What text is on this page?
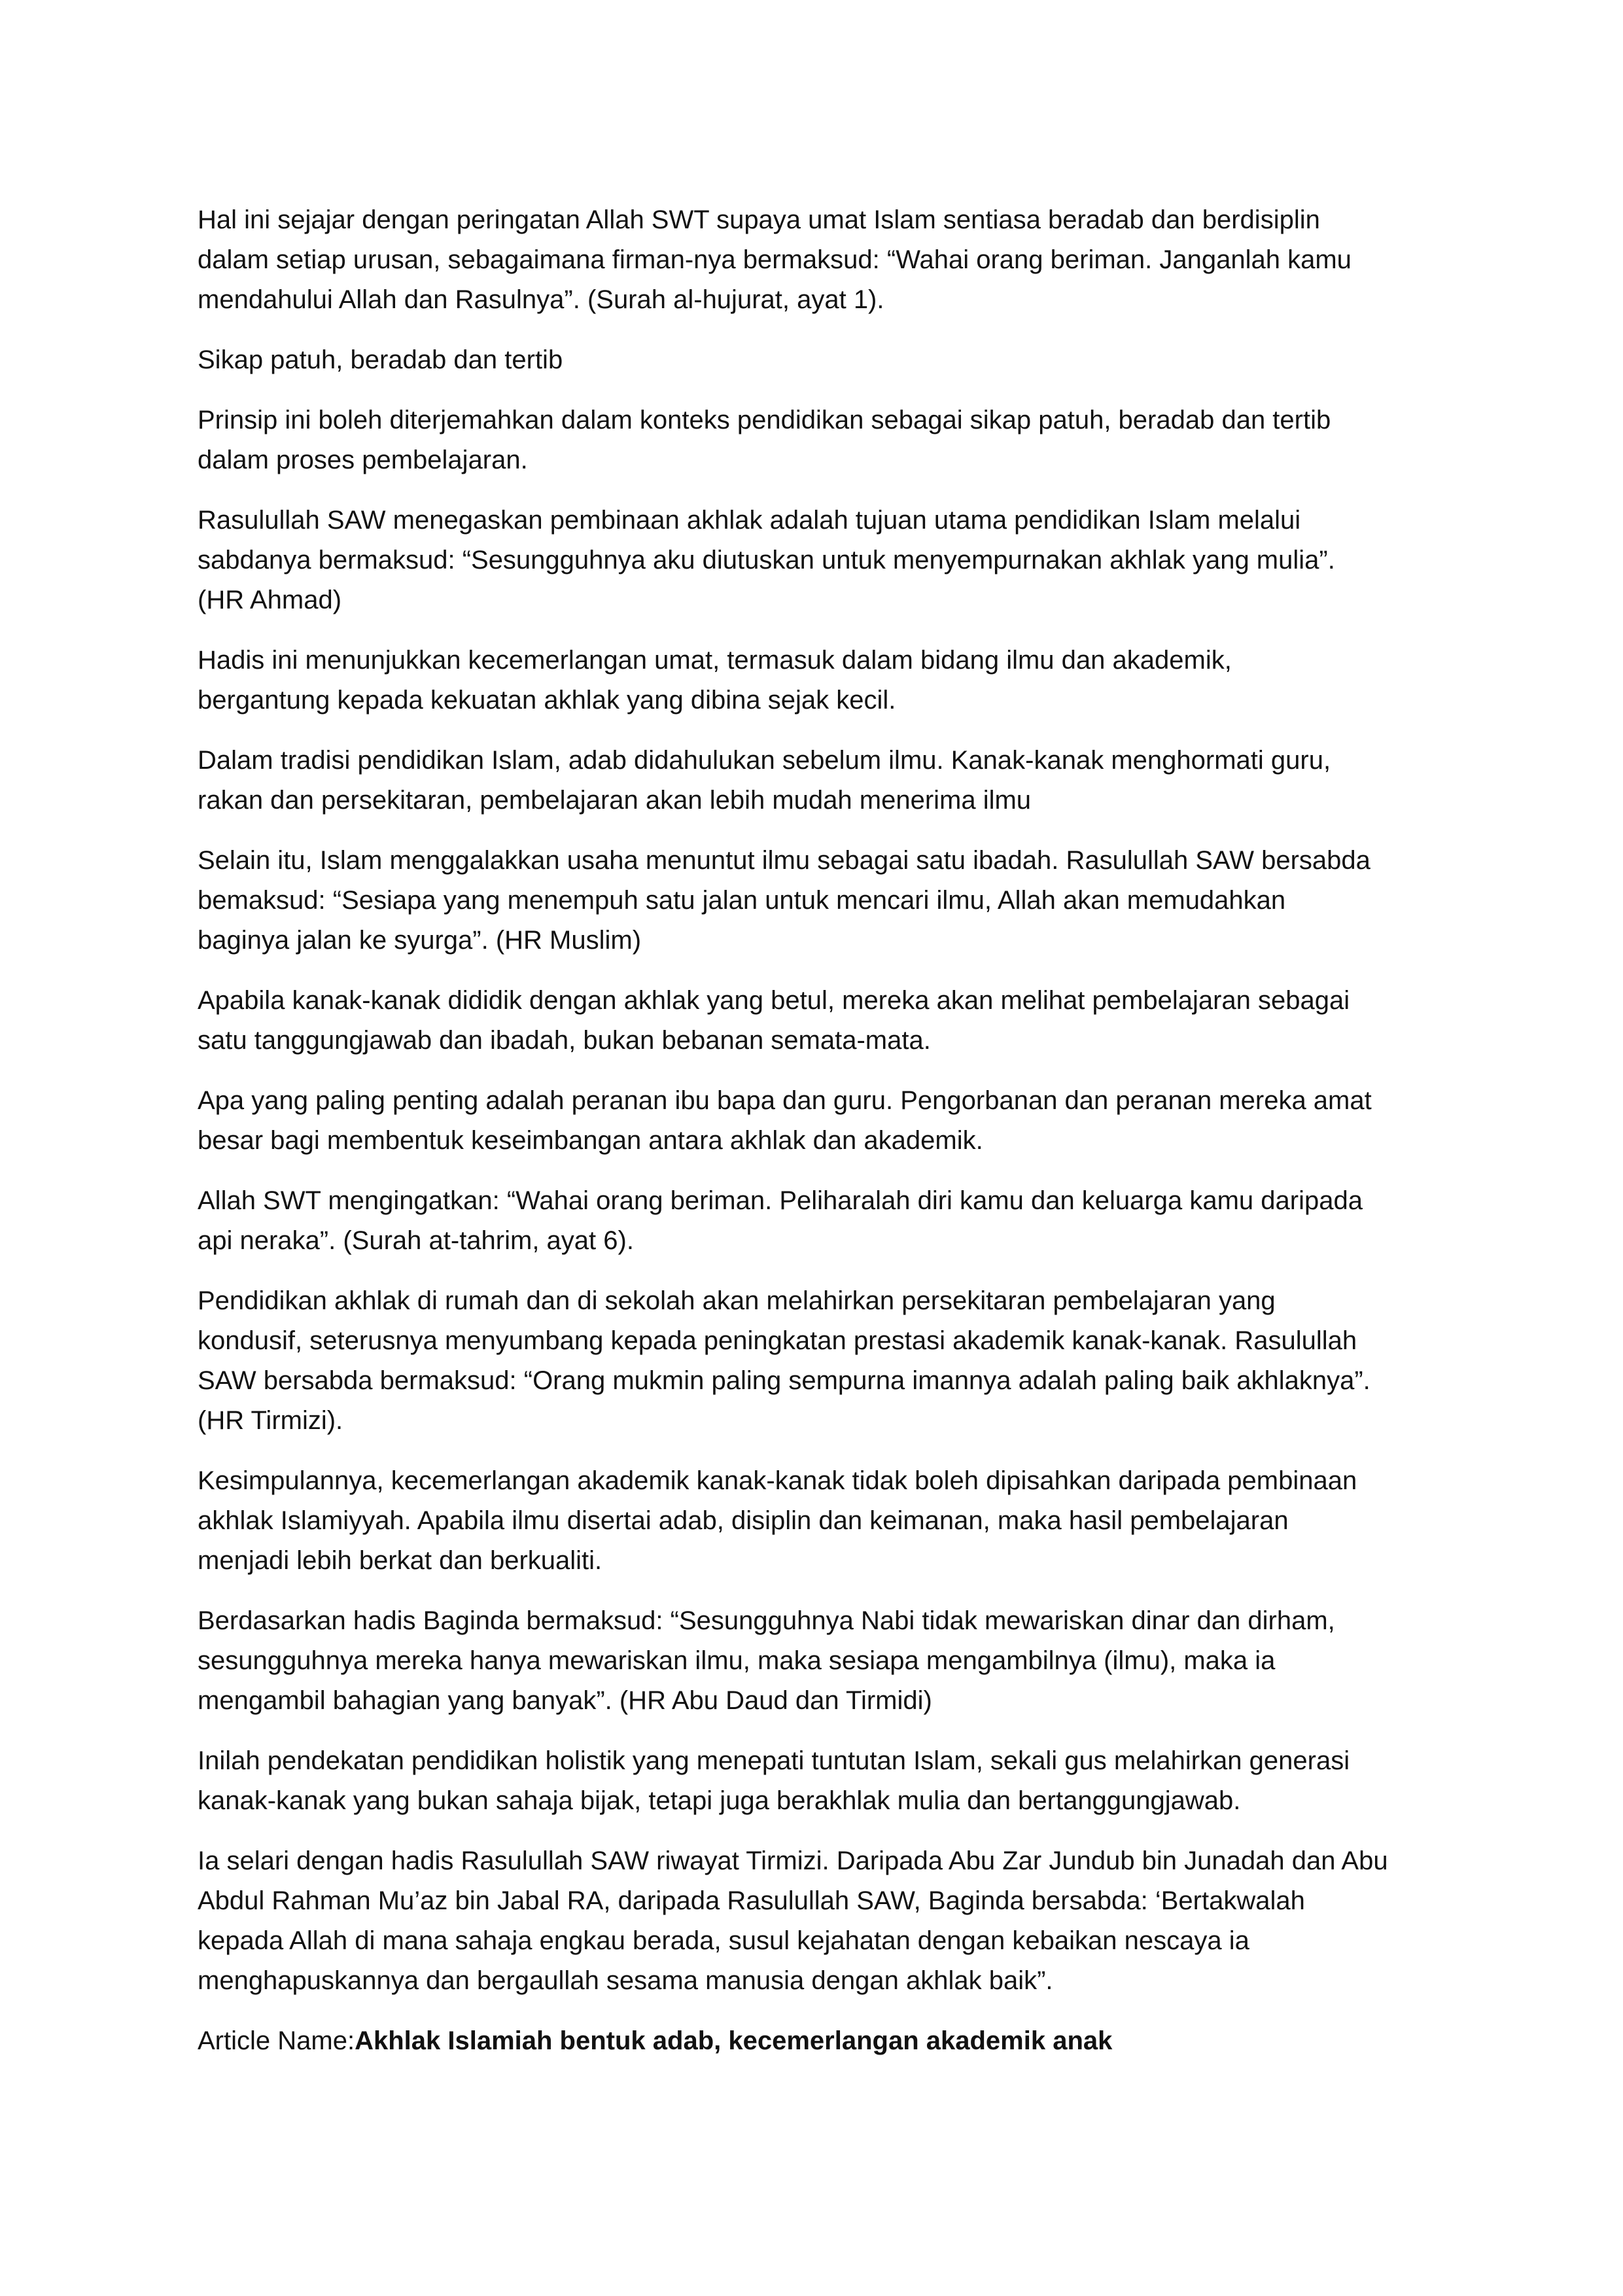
Hal ini sejajar dengan peringatan Allah SWT supaya umat Islam sentiasa beradab dan berdisiplin
dalam setiap urusan, sebagaimana firman-nya bermaksud: “Wahai orang beriman. Janganlah kamu
mendahului Allah dan Rasulnya”. (Surah al-hujurat, ayat 1).
Sikap patuh, beradab dan tertib
Prinsip ini boleh diterjemahkan dalam konteks pendidikan sebagai sikap patuh, beradab dan tertib
dalam proses pembelajaran.
Rasulullah SAW menegaskan pembinaan akhlak adalah tujuan utama pendidikan Islam melalui
sabdanya bermaksud: “Sesungguhnya aku diutuskan untuk menyempurnakan akhlak yang mulia”.
(HR Ahmad)
Hadis ini menunjukkan kecemerlangan umat, termasuk dalam bidang ilmu dan akademik,
bergantung kepada kekuatan akhlak yang dibina sejak kecil.
Dalam tradisi pendidikan Islam, adab didahulukan sebelum ilmu. Kanak-kanak menghormati guru,
rakan dan persekitaran, pembelajaran akan lebih mudah menerima ilmu
Selain itu, Islam menggalakkan usaha menuntut ilmu sebagai satu ibadah. Rasulullah SAW bersabda
bemaksud: “Sesiapa yang menempuh satu jalan untuk mencari ilmu, Allah akan memudahkan
baginya jalan ke syurga”. (HR Muslim)
Apabila kanak-kanak dididik dengan akhlak yang betul, mereka akan melihat pembelajaran sebagai
satu tanggungjawab dan ibadah, bukan bebanan semata-mata.
Apa yang paling penting adalah peranan ibu bapa dan guru. Pengorbanan dan peranan mereka amat
besar bagi membentuk keseimbangan antara akhlak dan akademik.
Allah SWT mengingatkan: “Wahai orang beriman. Peliharalah diri kamu dan keluarga kamu daripada
api neraka”. (Surah at-tahrim, ayat 6).
Pendidikan akhlak di rumah dan di sekolah akan melahirkan persekitaran pembelajaran yang
kondusif, seterusnya menyumbang kepada peningkatan prestasi akademik kanak-kanak. Rasulullah
SAW bersabda bermaksud: “Orang mukmin paling sempurna imannya adalah paling baik akhlaknya”.
(HR Tirmizi).
Kesimpulannya, kecemerlangan akademik kanak-kanak tidak boleh dipisahkan daripada pembinaan
akhlak Islamiyyah. Apabila ilmu disertai adab, disiplin dan keimanan, maka hasil pembelajaran
menjadi lebih berkat dan berkualiti.
Berdasarkan hadis Baginda bermaksud: “Sesungguhnya Nabi tidak mewariskan dinar dan dirham,
sesungguhnya mereka hanya mewariskan ilmu, maka sesiapa mengambilnya (ilmu), maka ia
mengambil bahagian yang banyak”. (HR Abu Daud dan Tirmidi)
Inilah pendekatan pendidikan holistik yang menepati tuntutan Islam, sekali gus melahirkan generasi
kanak-kanak yang bukan sahaja bijak, tetapi juga berakhlak mulia dan bertanggungjawab.
Ia selari dengan hadis Rasulullah SAW riwayat Tirmizi. Daripada Abu Zar Jundub bin Junadah dan Abu
Abdul Rahman Mu’az bin Jabal RA, daripada Rasulullah SAW, Baginda bersabda: ‘Bertakwalah
kepada Allah di mana sahaja engkau berada, susul kejahatan dengan kebaikan nescaya ia
menghapuskannya dan bergaullah sesama manusia dengan akhlak baik”.
Article Name:Akhlak Islamiah bentuk adab, kecemerlangan akademik anak
